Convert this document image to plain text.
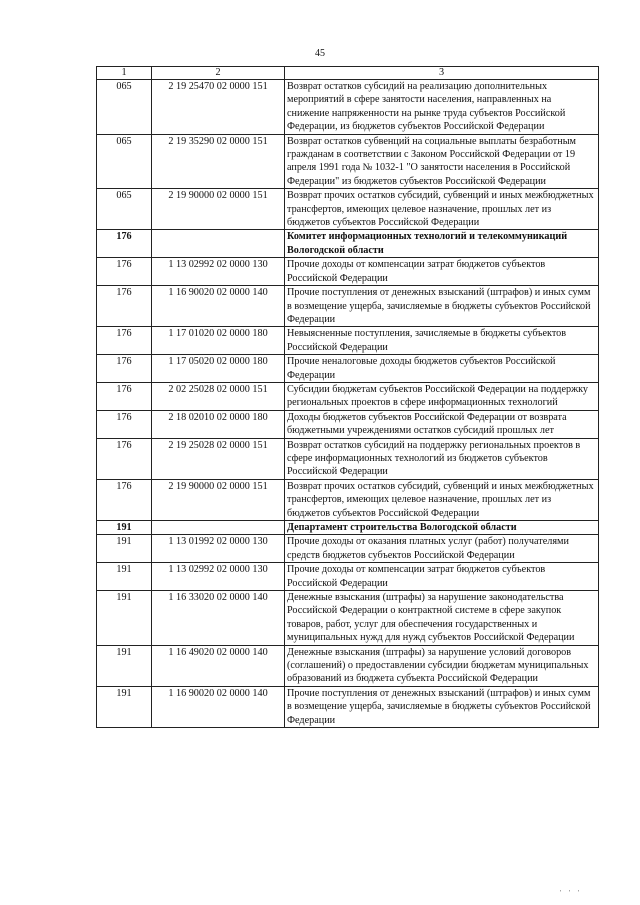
45
1	2	3
065	2 19 25470 02 0000 151	Возврат остатков субсидий на реализацию дополнительных мероприятий в сфере занятости населения, направленных на снижение напряженности на рынке труда субъектов Российской Федерации, из бюджетов субъектов Российской Федерации
065	2 19 35290 02 0000 151	Возврат остатков субвенций на социальные выплаты безработным гражданам в соответствии с Законом Российской Федерации от 19 апреля 1991 года № 1032-1 "О занятости населения в Российской Федерации" из бюджетов субъектов Российской Федерации
065	2 19 90000 02 0000 151	Возврат прочих остатков субсидий, субвенций и иных межбюджетных трансфертов, имеющих целевое назначение, прошлых лет из бюджетов субъектов Российской Федерации
176		Комитет информационных технологий и телекоммуникаций Вологодской области
176	1 13 02992 02 0000 130	Прочие доходы от компенсации затрат бюджетов субъектов Российской Федерации
176	1 16 90020 02 0000 140	Прочие поступления от денежных взысканий (штрафов) и иных сумм в возмещение ущерба, зачисляемые в бюджеты субъектов Российской Федерации
176	1 17 01020 02 0000 180	Невыясненные поступления, зачисляемые в бюджеты субъектов Российской Федерации
176	1 17 05020 02 0000 180	Прочие неналоговые доходы бюджетов субъектов Российской Федерации
176	2 02 25028 02 0000 151	Субсидии бюджетам субъектов Российской Федерации на поддержку региональных проектов в сфере информационных технологий
176	2 18 02010 02 0000 180	Доходы бюджетов субъектов Российской Федерации от возврата бюджетными учреждениями остатков субсидий прошлых лет
176	2 19 25028 02 0000 151	Возврат остатков субсидий на поддержку региональных проектов в сфере информационных технологий из бюджетов субъектов Российской Федерации
176	2 19 90000 02 0000 151	Возврат прочих остатков субсидий, субвенций и иных межбюджетных трансфертов, имеющих целевое назначение, прошлых лет из бюджетов субъектов Российской Федерации
191		Департамент строительства Вологодской области
191	1 13 01992 02 0000 130	Прочие доходы от оказания платных услуг (работ) получателями средств бюджетов субъектов Российской Федерации
191	1 13 02992 02 0000 130	Прочие доходы от компенсации затрат бюджетов субъектов Российской Федерации
191	1 16 33020 02 0000 140	Денежные взыскания (штрафы) за нарушение законодательства Российской Федерации о контрактной системе в сфере закупок товаров, работ, услуг для обеспечения государственных и муниципальных нужд для нужд субъектов Российской Федерации
191	1 16 49020 02 0000 140	Денежные взыскания (штрафы) за нарушение условий договоров (соглашений) о предоставлении субсидии бюджетам муниципальных образований из бюджета субъекта Российской Федерации
191	1 16 90020 02 0000 140	Прочие поступления от денежных взысканий (штрафов) и иных сумм в возмещение ущерба, зачисляемые в бюджеты субъектов Российской Федерации
' ' '
